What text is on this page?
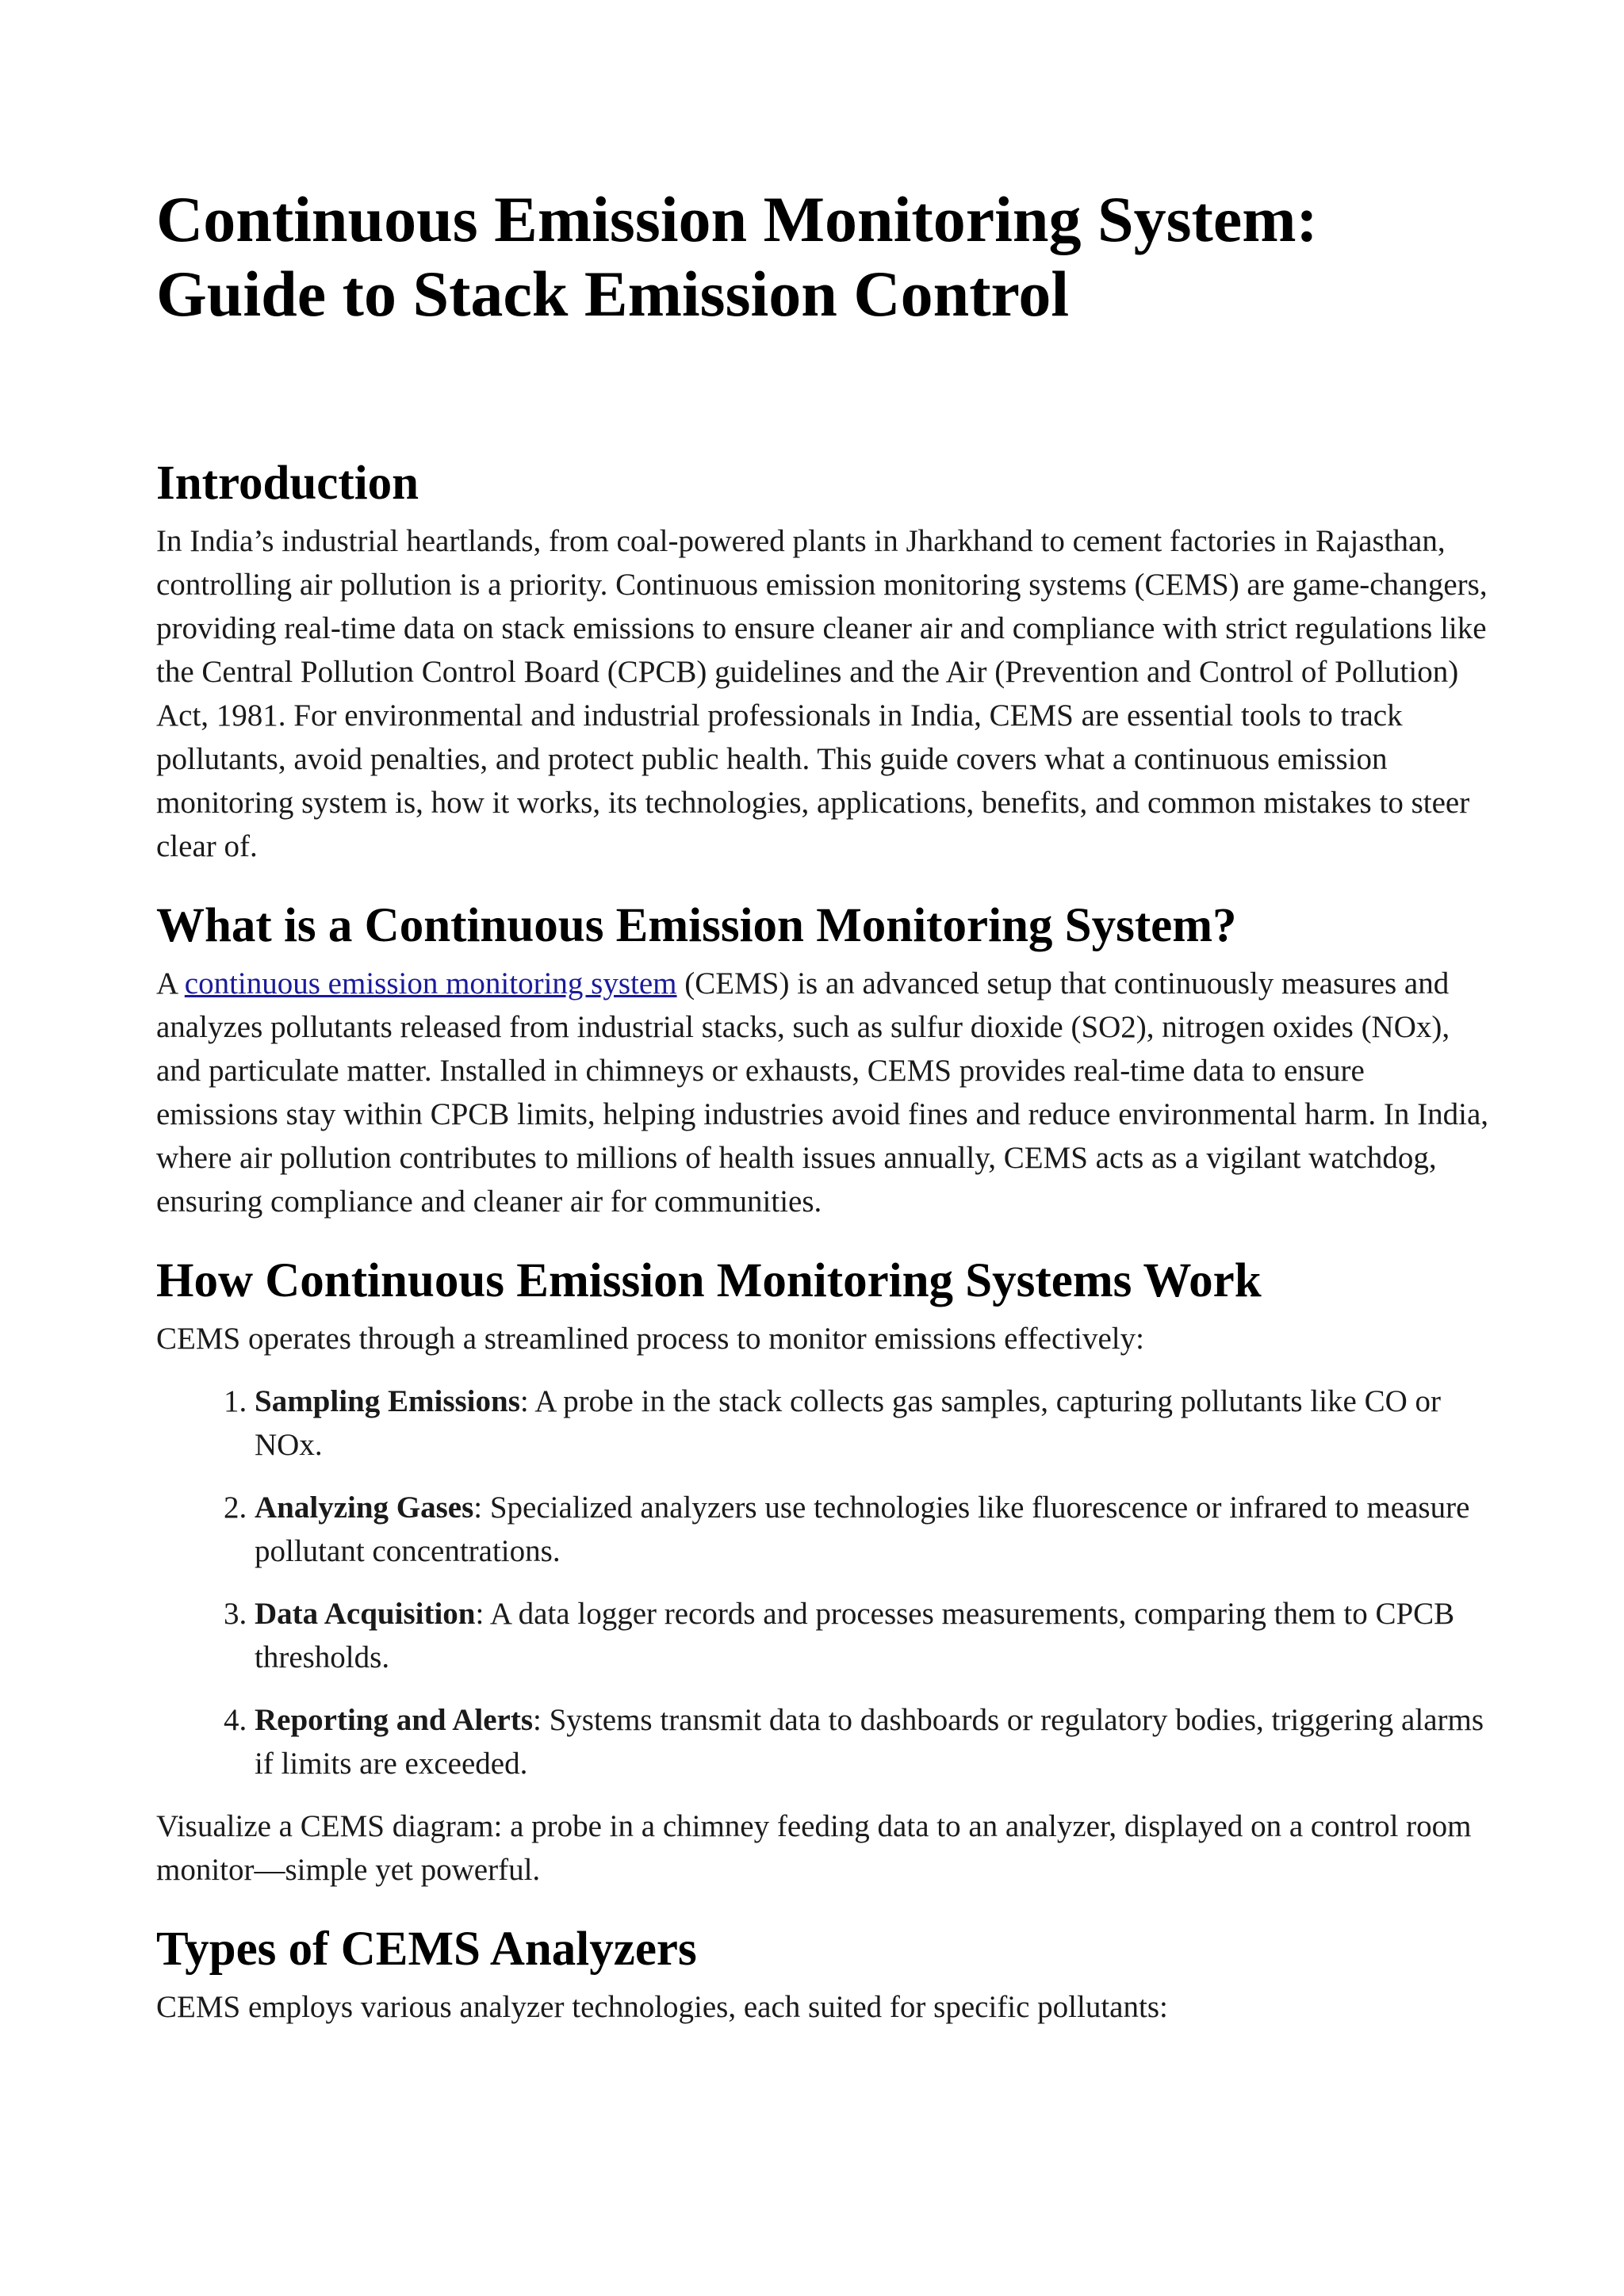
Continuous Emission Monitoring System:
Guide to Stack Emission Control
Introduction

In India’s industrial heartlands, from coal-powered plants in Jharkhand to cement factories in Rajasthan, controlling air pollution is a priority. Continuous emission monitoring systems (CEMS) are game-changers, providing real-time data on stack emissions to ensure cleaner air and compliance with strict regulations like the Central Pollution Control Board (CPCB) guidelines and the Air (Prevention and Control of Pollution) Act, 1981. For environmental and industrial professionals in India, CEMS are essential tools to track pollutants, avoid penalties, and protect public health. This guide covers what a continuous emission monitoring system is, how it works, its technologies, applications, benefits, and common mistakes to steer clear of.

What is a Continuous Emission Monitoring System?

A continuous emission monitoring system (CEMS) is an advanced setup that continuously measures and analyzes pollutants released from industrial stacks, such as sulfur dioxide (SO2), nitrogen oxides (NOx), and particulate matter. Installed in chimneys or exhausts, CEMS provides real-time data to ensure emissions stay within CPCB limits, helping industries avoid fines and reduce environmental harm. In India, where air pollution contributes to millions of health issues annually, CEMS acts as a vigilant watchdog, ensuring compliance and cleaner air for communities.

How Continuous Emission Monitoring Systems Work

CEMS operates through a streamlined process to monitor emissions effectively:

1. Sampling Emissions: A probe in the stack collects gas samples, capturing pollutants like CO or NOx.
2. Analyzing Gases: Specialized analyzers use technologies like fluorescence or infrared to measure pollutant concentrations.
3. Data Acquisition: A data logger records and processes measurements, comparing them to CPCB thresholds.
4. Reporting and Alerts: Systems transmit data to dashboards or regulatory bodies, triggering alarms if limits are exceeded.

Visualize a CEMS diagram: a probe in a chimney feeding data to an analyzer, displayed on a control room monitor—simple yet powerful.

Types of CEMS Analyzers

CEMS employs various analyzer technologies, each suited for specific pollutants:
